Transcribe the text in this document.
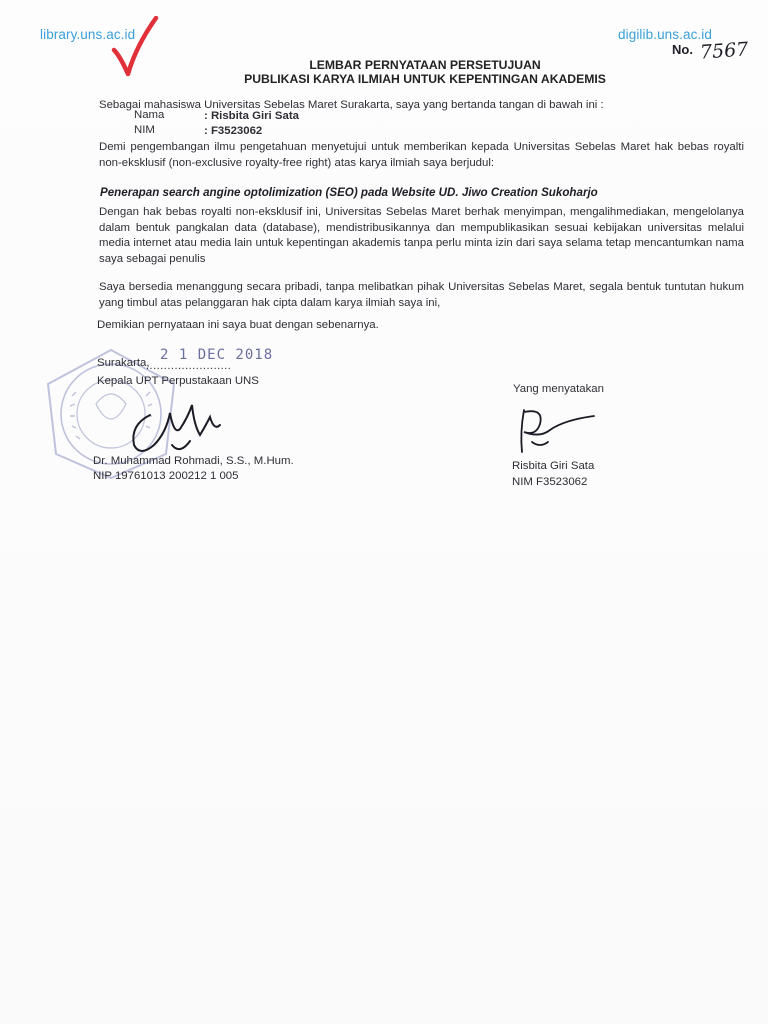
library.uns.ac.id	digilib.uns.ac.id
No. 7567
LEMBAR PERNYATAAN PERSETUJUAN
PUBLIKASI KARYA ILMIAH UNTUK KEPENTINGAN AKADEMIS
Sebagai mahasiswa Universitas Sebelas Maret Surakarta, saya yang bertanda tangan di bawah ini :
Nama	: Risbita Giri Sata
NIM	: F3523062
Demi pengembangan ilmu pengetahuan menyetujui untuk memberikan kepada Universitas Sebelas Maret hak bebas royalti non-eksklusif (non-exclusive royalty-free right) atas karya ilmiah saya berjudul:
Penerapan search angine optolimization (SEO) pada Website UD. Jiwo Creation Sukoharjo
Dengan hak bebas royalti non-eksklusif ini, Universitas Sebelas Maret berhak menyimpan, mengalihmediakan, mengelolanya dalam bentuk pangkalan data (database), mendistribusikannya dan mempublikasikan sesuai kebijakan universitas melalui media internet atau media lain untuk kepentingan akademis tanpa perlu minta izin dari saya selama tetap mencantumkan nama saya sebagai penulis
Saya bersedia menanggung secara pribadi, tanpa melibatkan pihak Universitas Sebelas Maret, segala bentuk tuntutan hukum yang timbul atas pelanggaran hak cipta dalam karya ilmiah saya ini,
Demikian pernyataan ini saya buat dengan sebenarnya.
Surakarta,
........................
2 1 DEC 2018
Kepala UPT Perpustakaan UNS
Dr. Muhammad Rohmadi, S.S., M.Hum.
NIP 19761013 200212 1 005
Yang menyatakan
Risbita Giri Sata
NIM F3523062
